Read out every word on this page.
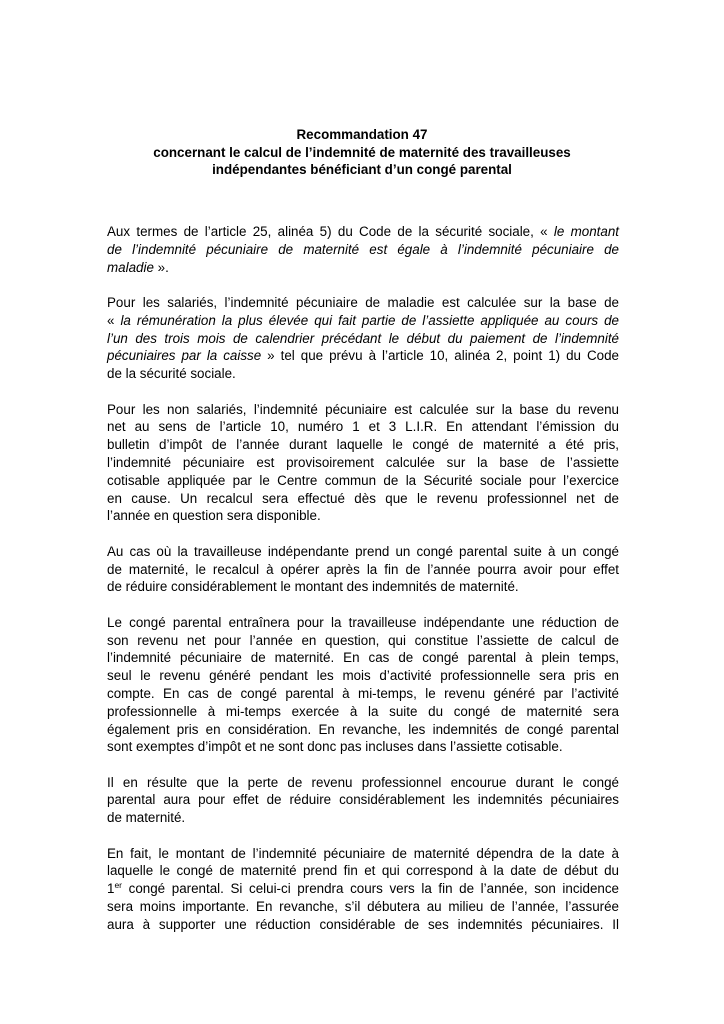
Recommandation 47
concernant le calcul de l’indemnité de maternité des travailleuses
indépendantes bénéficiant d’un congé parental
Aux termes de l’article 25, alinéa 5) du Code de la sécurité sociale, « le montant
de l’indemnité pécuniaire de maternité est égale à l’indemnité pécuniaire de
maladie ».
Pour les salariés, l’indemnité pécuniaire de maladie est calculée sur la base de
« la rémunération la plus élevée qui fait partie de l’assiette appliquée au cours de
l’un des trois mois de calendrier précédant le début du paiement de l’indemnité
pécuniaires par la caisse » tel que prévu à l’article 10, alinéa 2, point 1) du Code
de la sécurité sociale.
Pour les non salariés, l’indemnité pécuniaire est calculée sur la base du revenu
net au sens de l’article 10, numéro 1 et 3 L.I.R. En attendant l’émission du
bulletin d’impôt de l’année durant laquelle le congé de maternité a été pris,
l’indemnité pécuniaire est provisoirement calculée sur la base de l’assiette
cotisable appliquée par le Centre commun de la Sécurité sociale pour l’exercice
en cause. Un recalcul sera effectué dès que le revenu professionnel net de
l’année en question sera disponible.
Au cas où la travailleuse indépendante prend un congé parental suite à un congé
de maternité, le recalcul à opérer après la fin de l’année pourra avoir pour effet
de réduire considérablement le montant des indemnités de maternité.
Le congé parental entraînera pour la travailleuse indépendante une réduction de
son revenu net pour l’année en question, qui constitue l’assiette de calcul de
l’indemnité pécuniaire de maternité. En cas de congé parental à plein temps,
seul le revenu généré pendant les mois d’activité professionnelle sera pris en
compte. En cas de congé parental à mi-temps, le revenu généré par l’activité
professionnelle à mi-temps exercée à la suite du congé de maternité sera
également pris en considération. En revanche, les indemnités de congé parental
sont exemptes d’impôt et ne sont donc pas incluses dans l’assiette cotisable.
Il en résulte que la perte de revenu professionnel encourue durant le congé
parental aura pour effet de réduire considérablement les indemnités pécuniaires
de maternité.
En fait, le montant de l’indemnité pécuniaire de maternité dépendra de la date à
laquelle le congé de maternité prend fin et qui correspond à la date de début du
1er congé parental. Si celui-ci prendra cours vers la fin de l’année, son incidence
sera moins importante. En revanche, s’il débutera au milieu de l’année, l’assurée
aura à supporter une réduction considérable de ses indemnités pécuniaires. Il
